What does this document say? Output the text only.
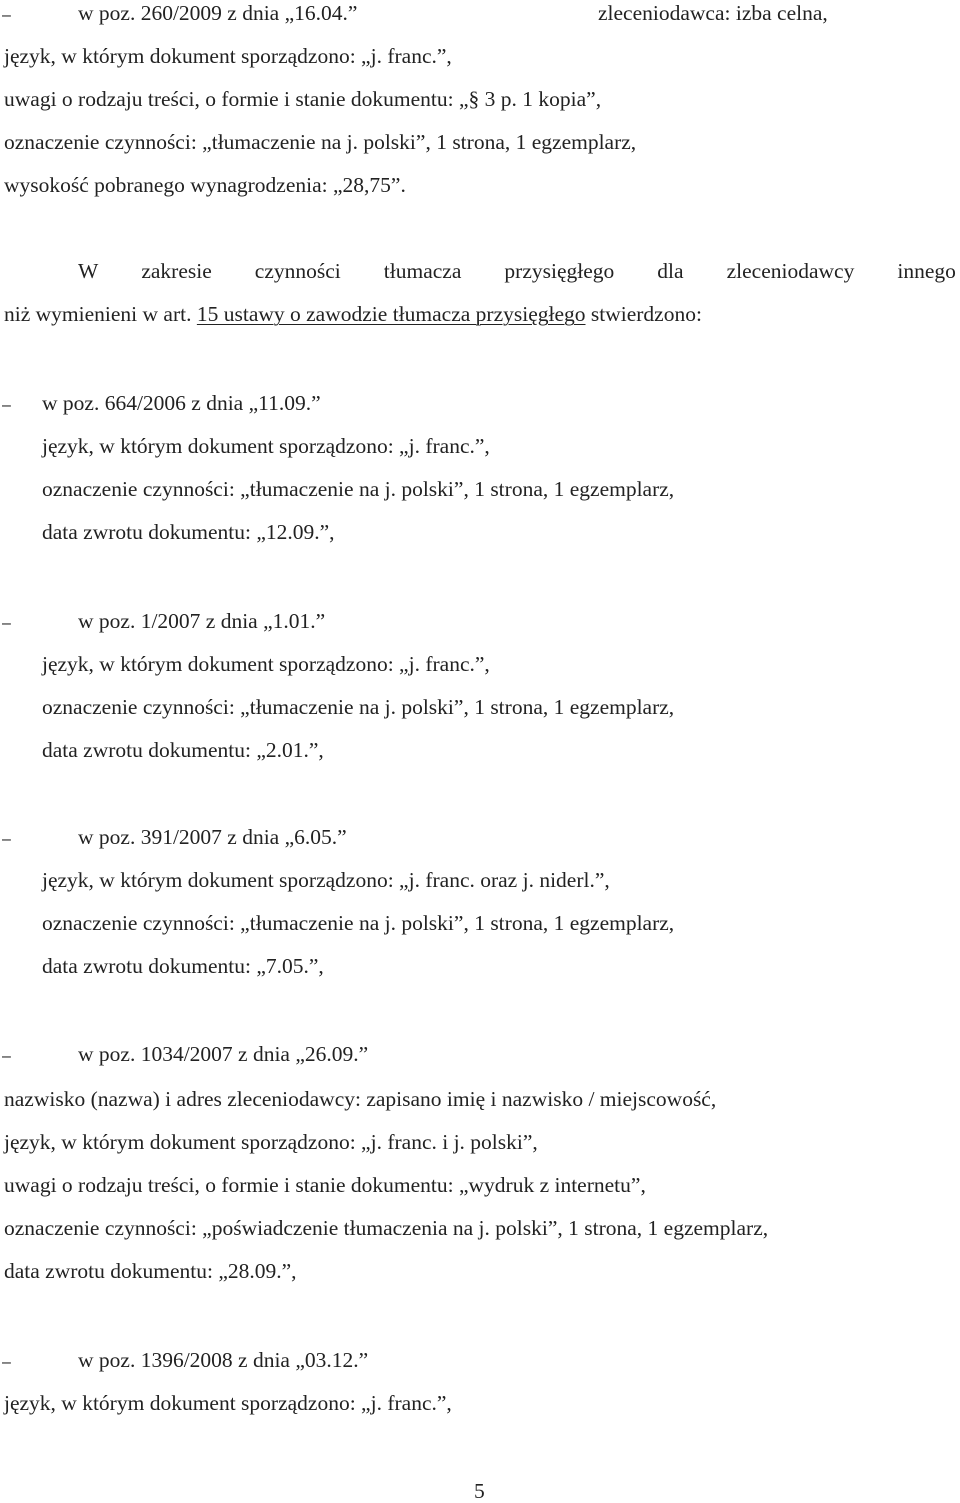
–	w poz. 260/2009 z dnia „16.04.”	zleceniodawca: izba celna,
język, w którym dokument sporządzono: „j. franc.”,
uwagi o rodzaju treści, o formie i stanie dokumentu: „§ 3 p. 1 kopia”,
oznaczenie czynności: „tłumaczenie na j. polski”, 1 strona, 1 egzemplarz,
wysokość pobranego wynagrodzenia: „28,75”.
W zakresie czynności tłumacza przysięgłego dla zleceniodawcy innego
niż wymienieni w art. 15 ustawy o zawodzie tłumacza przysięgłego stwierdzono:
– w poz. 664/2006 z dnia „11.09.”
język, w którym dokument sporządzono: „j. franc.”,
oznaczenie czynności: „tłumaczenie na j. polski”, 1 strona, 1 egzemplarz,
data zwrotu dokumentu: „12.09.”,
–	w poz. 1/2007 z dnia „1.01.”
język, w którym dokument sporządzono: „j. franc.”,
oznaczenie czynności: „tłumaczenie na j. polski”, 1 strona, 1 egzemplarz,
data zwrotu dokumentu: „2.01.”,
–	w poz. 391/2007 z dnia „6.05.”
język, w którym dokument sporządzono: „j. franc. oraz j. niderl.”,
oznaczenie czynności: „tłumaczenie na j. polski”, 1 strona, 1 egzemplarz,
data zwrotu dokumentu: „7.05.”,
–	w poz. 1034/2007 z dnia „26.09.”
nazwisko (nazwa) i adres zleceniodawcy: zapisano imię i nazwisko / miejscowość,
język, w którym dokument sporządzono: „j. franc. i j. polski”,
uwagi o rodzaju treści, o formie i stanie dokumentu: „wydruk z internetu”,
oznaczenie czynności: „poświadczenie tłumaczenia na j. polski”, 1 strona, 1 egzemplarz,
data zwrotu dokumentu: „28.09.”,
–	w poz. 1396/2008 z dnia „03.12.”
język, w którym dokument sporządzono: „j. franc.”,
5
